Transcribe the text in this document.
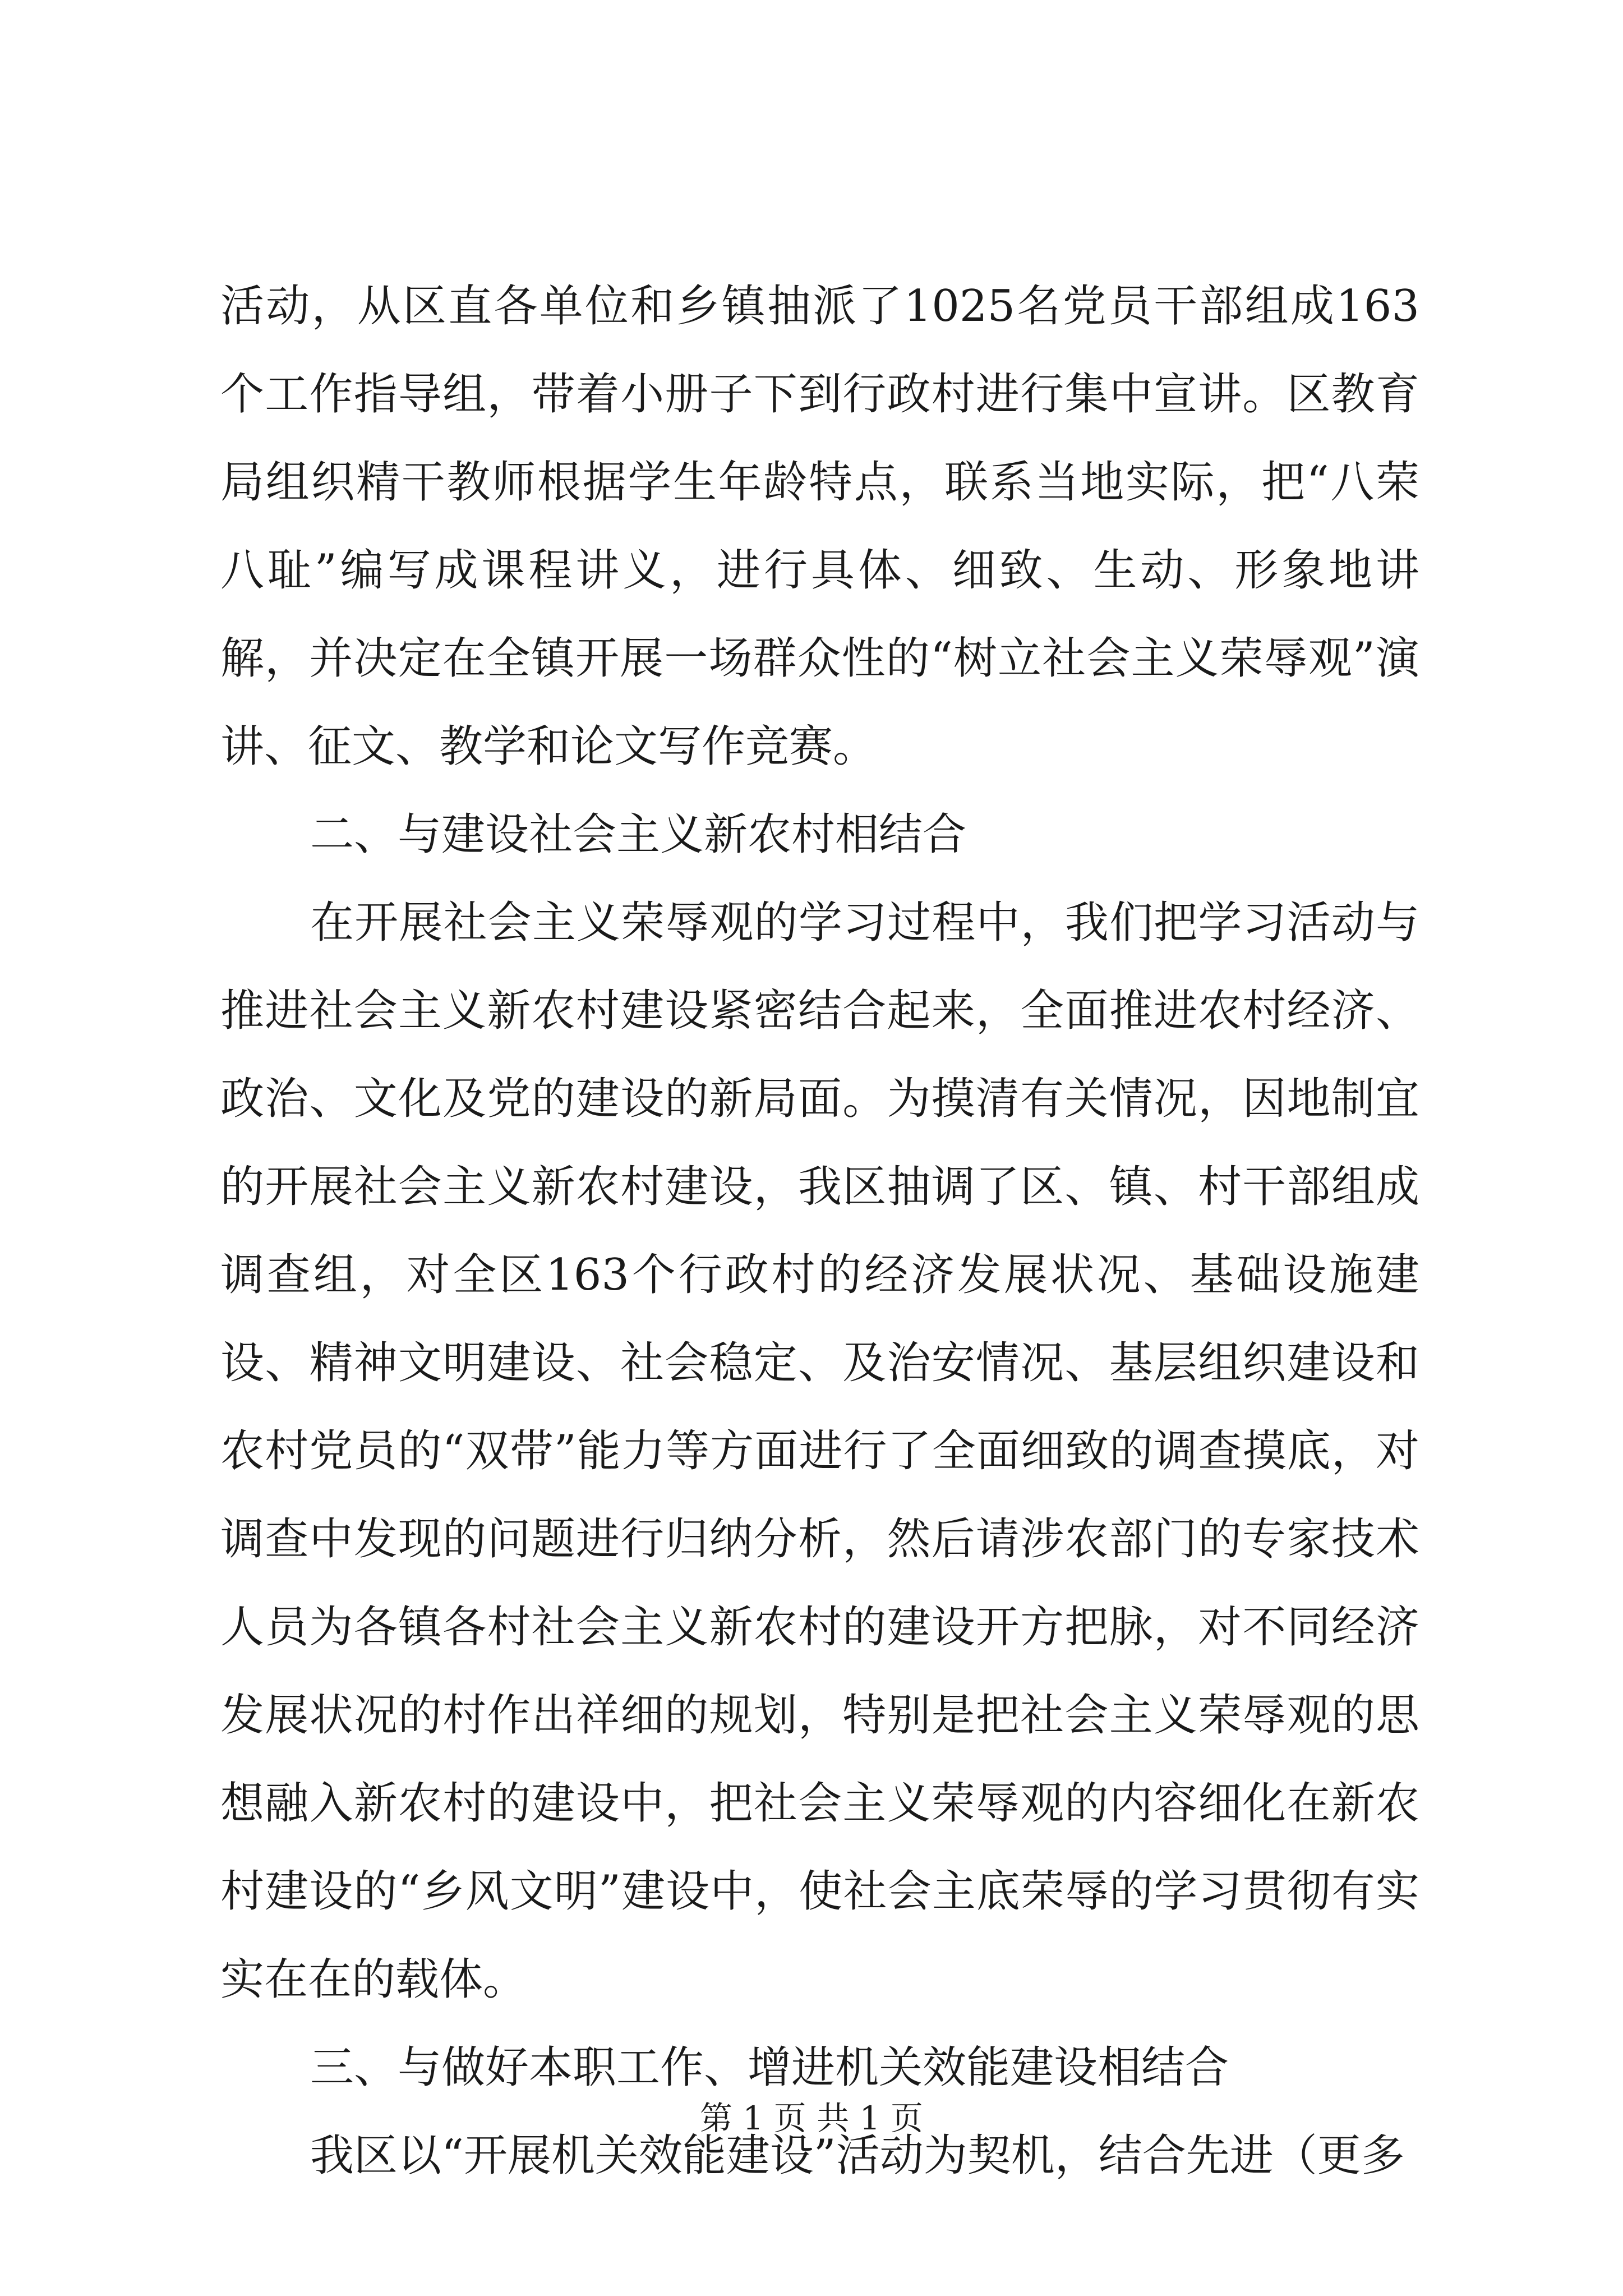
活动，从区直各单位和乡镇抽派了1025名党员干部组成163个工作指导组，带着小册子下到行政村进行集中宣讲。区教育局组织精干教师根据学生年龄特点，联系当地实际，把“八荣八耻”编写成课程讲义，进行具体、细致、生动、形象地讲解，并决定在全镇开展一场群众性的“树立社会主义荣辱观”演讲、征文、教学和论文写作竞赛。

二、与建设社会主义新农村相结合

在开展社会主义荣辱观的学习过程中，我们把学习活动与推进社会主义新农村建设紧密结合起来，全面推进农村经济、政治、文化及党的建设的新局面。为摸清有关情况，因地制宜的开展社会主义新农村建设，我区抽调了区、镇、村干部组成调查组，对全区163个行政村的经济发展状况、基础设施建设、精神文明建设、社会稳定、及治安情况、基层组织建设和农村党员的“双带”能力等方面进行了全面细致的调查摸底，对调查中发现的问题进行归纳分析，然后请涉农部门的专家技术人员为各镇各村社会主义新农村的建设开方把脉，对不同经济发展状况的村作出祥细的规划，特别是把社会主义荣辱观的思想融入新农村的建设中，把社会主义荣辱观的内容细化在新农村建设的“乡风文明”建设中，使社会主底荣辱的学习贯彻有实实在在的载体。

三、与做好本职工作、增进机关效能建设相结合

我区以“开展机关效能建设”活动为契机，结合先进（更多

第 1 页 共 1 页
